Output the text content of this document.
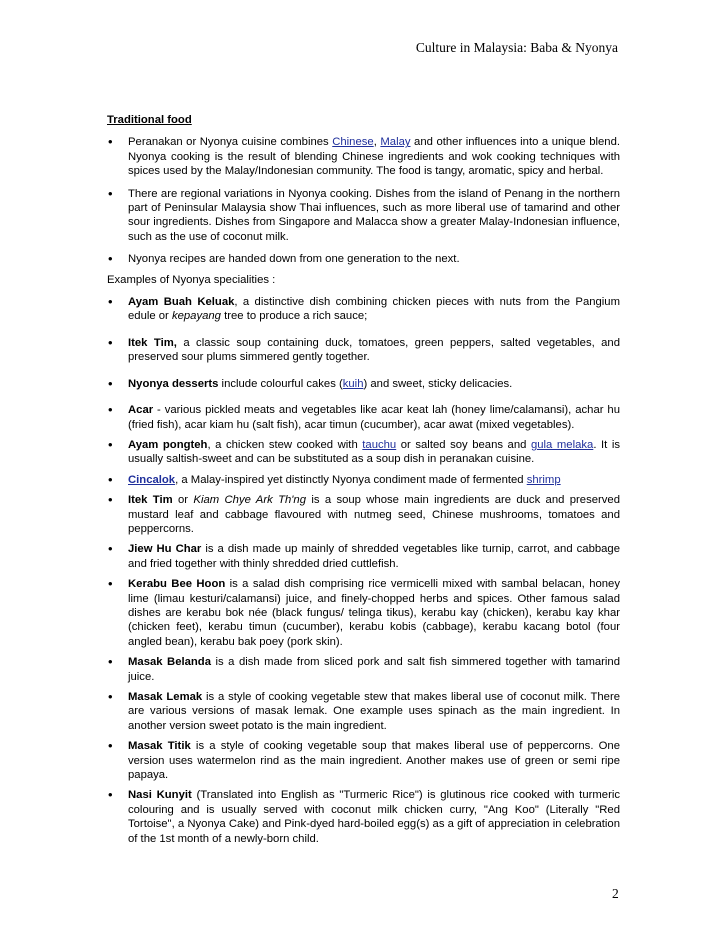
Culture in Malaysia: Baba & Nyonya
Traditional food
• Peranakan or Nyonya cuisine combines Chinese, Malay and other influences into a unique blend. Nyonya cooking is the result of blending Chinese ingredients and wok cooking techniques with spices used by the Malay/Indonesian community. The food is tangy, aromatic, spicy and herbal.
• There are regional variations in Nyonya cooking. Dishes from the island of Penang in the northern part of Peninsular Malaysia show Thai influences, such as more liberal use of tamarind and other sour ingredients. Dishes from Singapore and Malacca show a greater Malay-Indonesian influence, such as the use of coconut milk.
• Nyonya recipes are handed down from one generation to the next.
Examples of Nyonya specialities :
• Ayam Buah Keluak, a distinctive dish combining chicken pieces with nuts from the Pangium edule or kepayang tree to produce a rich sauce;
• Itek Tim, a classic soup containing duck, tomatoes, green peppers, salted vegetables, and preserved sour plums simmered gently together.
• Nyonya desserts include colourful cakes (kuih) and sweet, sticky delicacies.
• Acar - various pickled meats and vegetables like acar keat lah (honey lime/calamansi), achar hu (fried fish), acar kiam hu (salt fish), acar timun (cucumber), acar awat (mixed vegetables).
• Ayam pongteh, a chicken stew cooked with tauchu or salted soy beans and gula melaka. It is usually saltish-sweet and can be substituted as a soup dish in peranakan cuisine.
• Cincalok, a Malay-inspired yet distinctly Nyonya condiment made of fermented shrimp
• Itek Tim or Kiam Chye Ark Th'ng is a soup whose main ingredients are duck and preserved mustard leaf and cabbage flavoured with nutmeg seed, Chinese mushrooms, tomatoes and peppercorns.
• Jiew Hu Char is a dish made up mainly of shredded vegetables like turnip, carrot, and cabbage and fried together with thinly shredded dried cuttlefish.
• Kerabu Bee Hoon is a salad dish comprising rice vermicelli mixed with sambal belacan, honey lime (limau kesturi/calamansi) juice, and finely-chopped herbs and spices. Other famous salad dishes are kerabu bok née (black fungus/ telinga tikus), kerabu kay (chicken), kerabu kay khar (chicken feet), kerabu timun (cucumber), kerabu kobis (cabbage), kerabu kacang botol (four angled bean), kerabu bak poey (pork skin).
• Masak Belanda is a dish made from sliced pork and salt fish simmered together with tamarind juice.
• Masak Lemak is a style of cooking vegetable stew that makes liberal use of coconut milk. There are various versions of masak lemak. One example uses spinach as the main ingredient. In another version sweet potato is the main ingredient.
• Masak Titik is a style of cooking vegetable soup that makes liberal use of peppercorns. One version uses watermelon rind as the main ingredient. Another makes use of green or semi ripe papaya.
• Nasi Kunyit (Translated into English as "Turmeric Rice") is glutinous rice cooked with turmeric colouring and is usually served with coconut milk chicken curry, "Ang Koo" (Literally "Red Tortoise", a Nyonya Cake) and Pink-dyed hard-boiled egg(s) as a gift of appreciation in celebration of the 1st month of a newly-born child.
2
